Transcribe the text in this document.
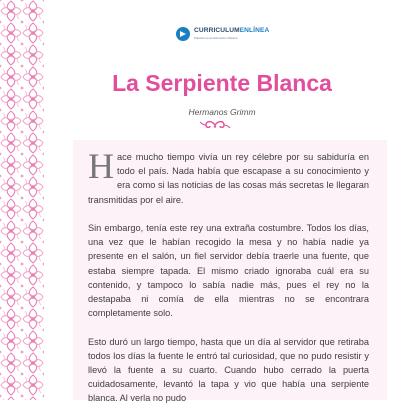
CURRICULUMENLÍNEA
Plataforma de Educación Básica
La Serpiente Blanca

Hermanos Grimm

Hace mucho tiempo vivía un rey célebre por su sabiduría en todo el país. Nada había que escapase a su conocimiento y era como si las noticias de las cosas más secretas le llegaran transmitidas por el aire.

Sin embargo, tenía este rey una extraña costumbre. Todos los días, una vez que le habían recogido la mesa y no había nadie ya presente en el salón, un fiel servidor debía traerle una fuente, que estaba siempre tapada. El mismo criado ignoraba cuál era su contenido, y tampoco lo sabía nadie más, pues el rey no la destapaba ni comía de ella mientras no se encontrara completamente solo.

Esto duró un largo tiempo, hasta que un día al servidor que retiraba todos los días la fuente le entró tal curiosidad, que no pudo resistir y llevó la fuente a su cuarto. Cuando hubo cerrado la puerta cuidadosamente, levantó la tapa y vio que había una serpiente blanca. Al verla no pudo
